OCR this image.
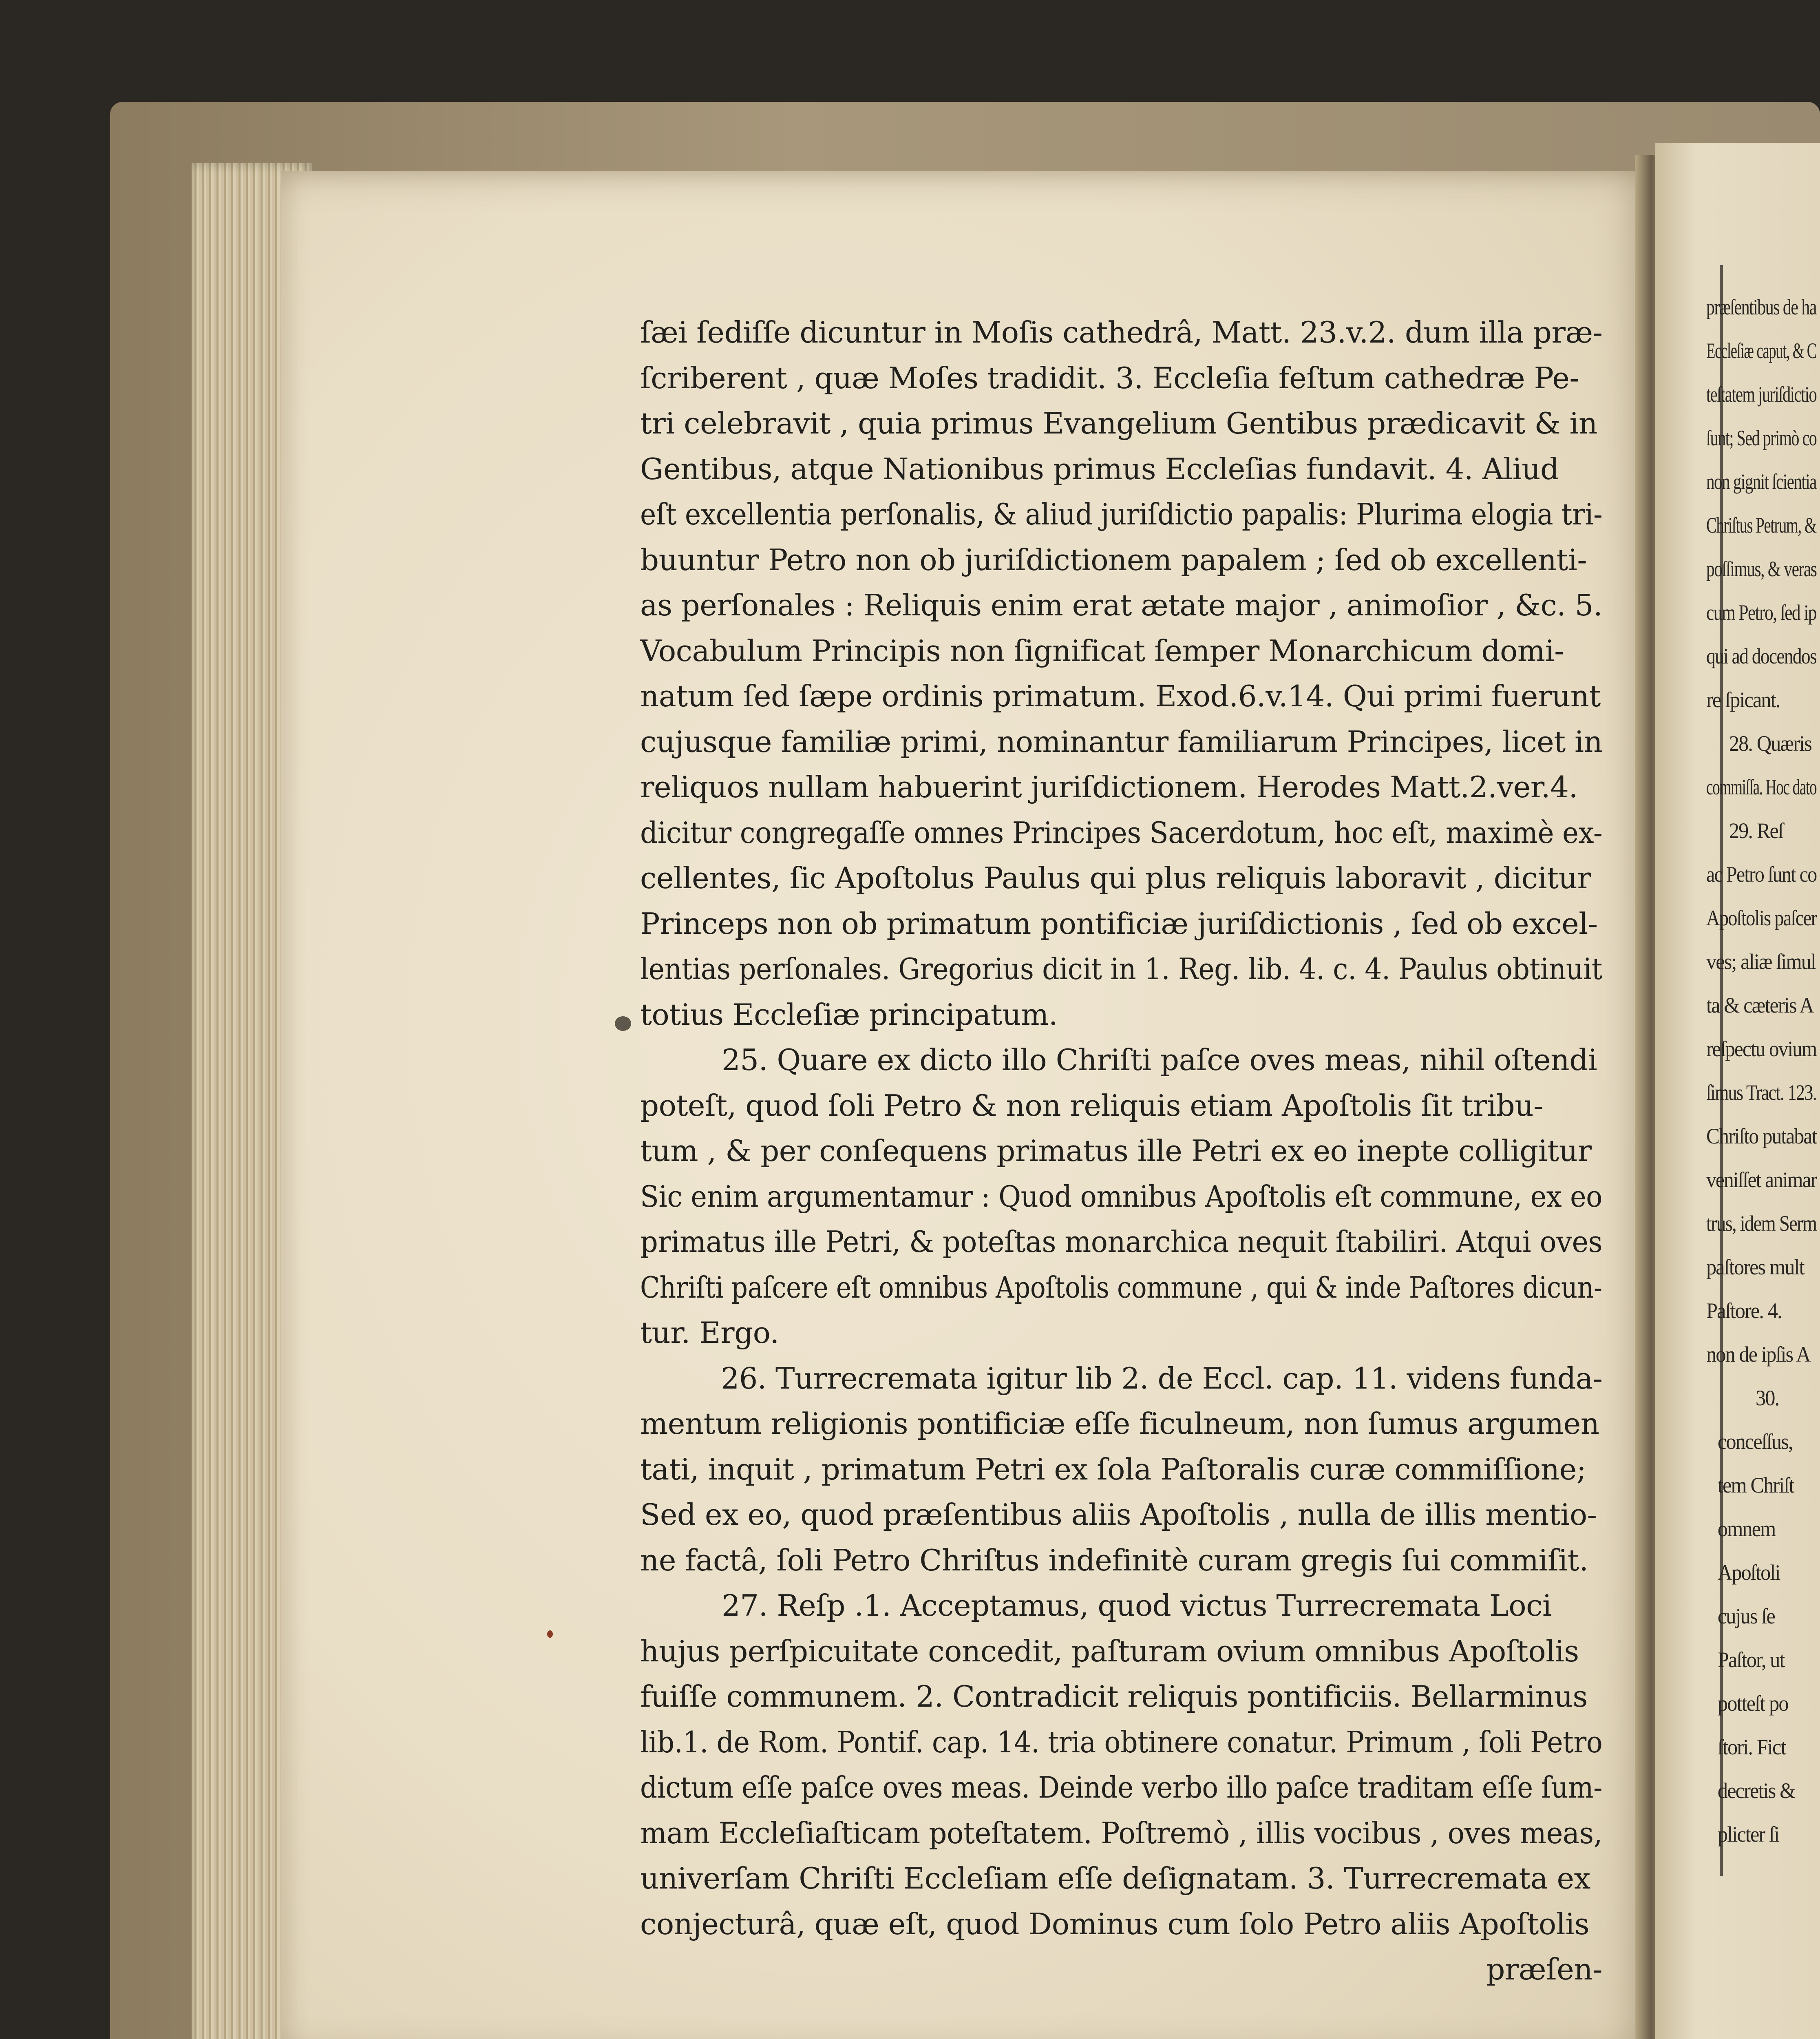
ſæi ſediſſe dicuntur in Moſis cathedrâ, Matt. 23.v.2. dum illa præ-
ſcriberent , quæ Moſes tradidit. 3. Eccleſia feſtum cathedræ Pe-
tri celebravit , quia primus Evangelium Gentibus prædicavit & in
Gentibus, atque Nationibus primus Eccleſias fundavit. 4. Aliud
eſt excellentia perſonalis, & aliud juriſdictio papalis: Plurima elogia tri-
buuntur Petro non ob juriſdictionem papalem ; ſed ob excellenti-
as perſonales : Reliquis enim erat ætate major , animoſior , &c. 5.
Vocabulum Principis non ſignificat ſemper Monarchicum domi-
natum ſed ſæpe ordinis primatum. Exod.6.v.14. Qui primi fuerunt
cujusque familiæ primi, nominantur familiarum Principes, licet in
reliquos nullam habuerint juriſdictionem. Herodes Matt.2.ver.4.
dicitur congregaſſe omnes Principes Sacerdotum, hoc eſt, maximè ex-
cellentes, ſic Apoſtolus Paulus qui plus reliquis laboravit , dicitur
Princeps non ob primatum pontificiæ juriſdictionis , ſed ob excel-
lentias perſonales. Gregorius dicit in 1. Reg. lib. 4. c. 4. Paulus obtinuit
totius Eccleſiæ principatum.
25. Quare ex dicto illo Chriſti paſce oves meas, nihil oſtendi
poteſt, quod ſoli Petro & non reliquis etiam Apoſtolis ſit tribu-
tum , & per conſequens primatus ille Petri ex eo inepte colligitur
Sic enim argumentamur : Quod omnibus Apoſtolis eſt commune, ex eo
primatus ille Petri, & poteſtas monarchica nequit ſtabiliri. Atqui oves
Chriſti paſcere eſt omnibus Apoſtolis commune , qui & inde Paſtores dicun-
tur. Ergo.
26. Turrecremata igitur lib 2. de Eccl. cap. 11. videns funda-
mentum religionis pontificiæ eſſe ficulneum, non ſumus argumen
tati, inquit , primatum Petri ex ſola Paſtoralis curæ commiſſione;
Sed ex eo, quod præſentibus aliis Apoſtolis , nulla de illis mentio-
ne factâ, ſoli Petro Chriſtus indefinitè curam gregis ſui commiſit.
27. Reſp .1. Acceptamus, quod victus Turrecremata Loci
hujus perſpicuitate concedit, paſturam ovium omnibus Apoſtolis
fuiſſe communem. 2. Contradicit reliquis pontificiis. Bellarminus
lib.1. de Rom. Pontif. cap. 14. tria obtinere conatur. Primum , ſoli Petro
dictum eſſe paſce oves meas. Deinde verbo illo paſce traditam eſſe ſum-
mam Eccleſiaſticam poteſtatem. Poſtremò , illis vocibus , oves meas,
univerſam Chriſti Eccleſiam eſſe deſignatam. 3. Turrecremata ex
conjecturâ, quæ eſt, quod Dominus cum ſolo Petro aliis Apoſtolis
præſen-
præſentibus de ha
Eccleſiæ caput, & C
teſtatem juriſdictio
ſunt; Sed primò co
non gignit ſcientia
Chriſtus Petrum, &
poſſimus, & veras
cum Petro, ſed ip
qui ad docendos
re ſpicant.
28. Quæris
commiſſa. Hoc dato
29. Reſ
ac Petro ſunt co
Apoſtolis paſcer
ves; aliæ ſimul
ta & cæteris A
reſpectu ovium
ſimus Tract. 123.
Chriſto putabat
veniſſet animar
trus, idem Serm
paſtores mult
Paſtore. 4.
non de ipſis A
30.
conceſſus,
tem Chriſt
omnem
Apoſtoli
cujus ſe
Paſtor, ut
potteſt po
ſtori. Fict
decretis &
plicter ſi
